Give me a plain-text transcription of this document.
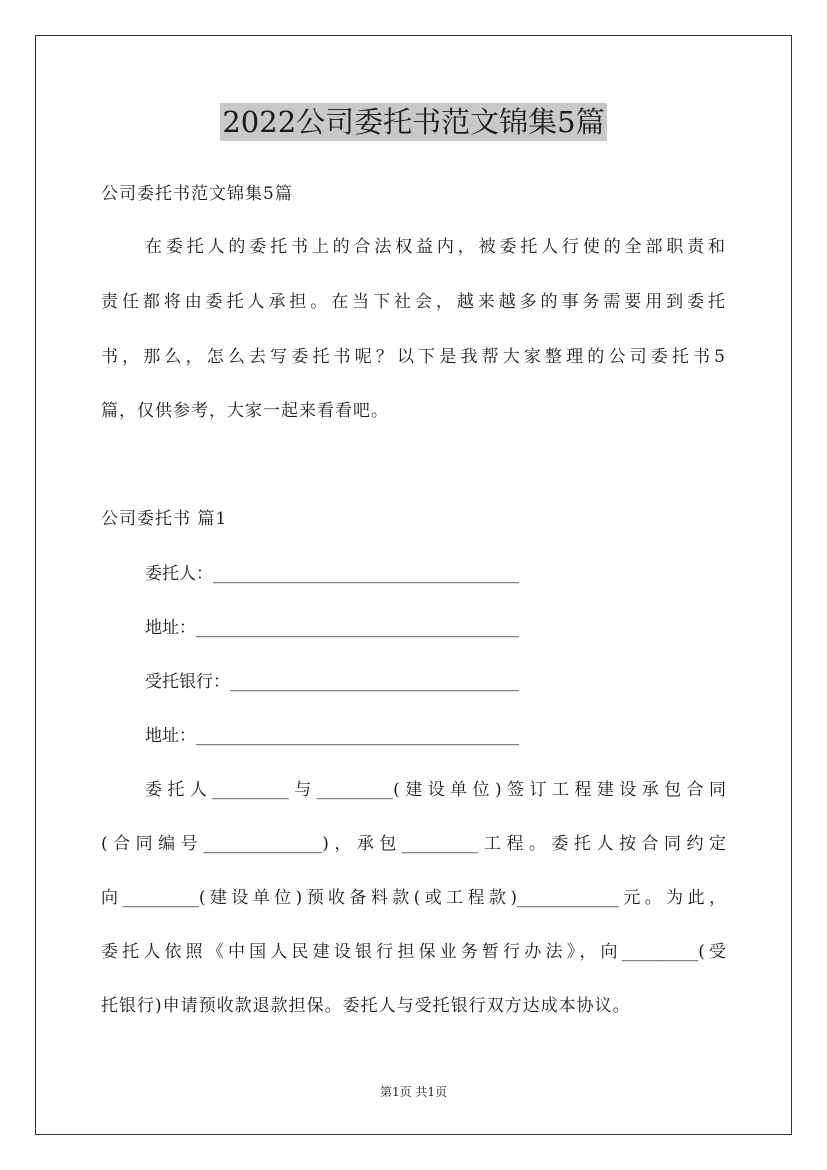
2022公司委托书范文锦集5篇
公司委托书范文锦集5篇
在委托人的委托书上的合法权益内，被委托人行使的全部职责和
责任都将由委托人承担。在当下社会，越来越多的事务需要用到委托
书，那么，怎么去写委托书呢？以下是我帮大家整理的公司委托书5
篇，仅供参考，大家一起来看看吧。
公司委托书 篇1
委托人：____________________________________
地址：______________________________________
受托银行：__________________________________
地址：______________________________________
委托人_________与_________(建设单位)签订工程建设承包合同
(合同编号______________)，承包_________工程。委托人按合同约定
向_________(建设单位)预收备料款(或工程款)____________元。为此，
委托人依照《中国人民建设银行担保业务暂行办法》，向_________(受
托银行)申请预收款退款担保。委托人与受托银行双方达成本协议。
第1页 共1页
